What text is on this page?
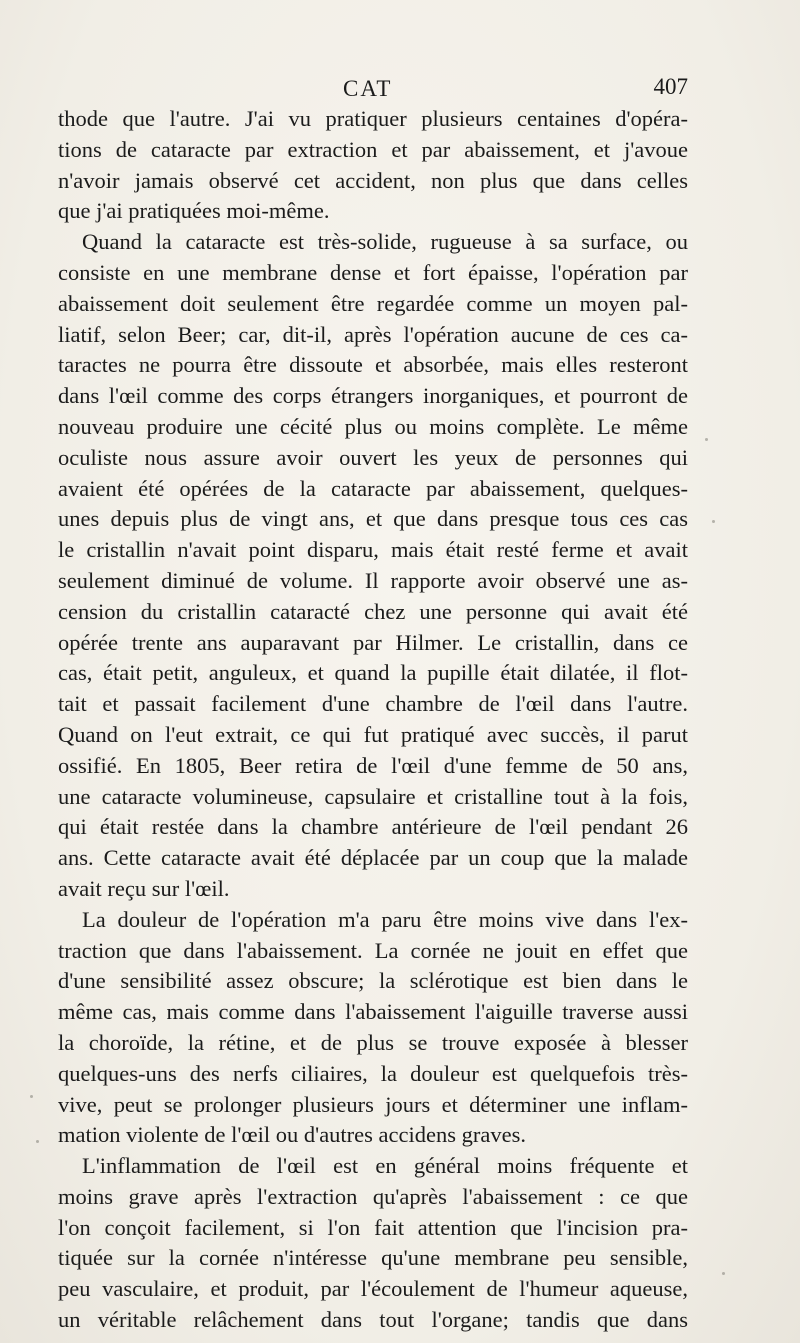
CAT	407
thode que l'autre. J'ai vu pratiquer plusieurs centaines d'opéra-
tions de cataracte par extraction et par abaissement, et j'avoue
n'avoir jamais observé cet accident, non plus que dans celles
que j'ai pratiquées moi-même.
Quand la cataracte est très-solide, rugueuse à sa surface, ou
consiste en une membrane dense et fort épaisse, l'opération par
abaissement doit seulement être regardée comme un moyen pal-
liatif, selon Beer; car, dit-il, après l'opération aucune de ces ca-
taractes ne pourra être dissoute et absorbée, mais elles resteront
dans l'œil comme des corps étrangers inorganiques, et pourront de
nouveau produire une cécité plus ou moins complète. Le même
oculiste nous assure avoir ouvert les yeux de personnes qui
avaient été opérées de la cataracte par abaissement, quelques-
unes depuis plus de vingt ans, et que dans presque tous ces cas
le cristallin n'avait point disparu, mais était resté ferme et avait
seulement diminué de volume. Il rapporte avoir observé une as-
cension du cristallin cataracté chez une personne qui avait été
opérée trente ans auparavant par Hilmer. Le cristallin, dans ce
cas, était petit, anguleux, et quand la pupille était dilatée, il flot-
tait et passait facilement d'une chambre de l'œil dans l'autre.
Quand on l'eut extrait, ce qui fut pratiqué avec succès, il parut
ossifié. En 1805, Beer retira de l'œil d'une femme de 50 ans,
une cataracte volumineuse, capsulaire et cristalline tout à la fois,
qui était restée dans la chambre antérieure de l'œil pendant 26
ans. Cette cataracte avait été déplacée par un coup que la malade
avait reçu sur l'œil.
La douleur de l'opération m'a paru être moins vive dans l'ex-
traction que dans l'abaissement. La cornée ne jouit en effet que
d'une sensibilité assez obscure; la sclérotique est bien dans le
même cas, mais comme dans l'abaissement l'aiguille traverse aussi
la choroïde, la rétine, et de plus se trouve exposée à blesser
quelques-uns des nerfs ciliaires, la douleur est quelquefois très-
vive, peut se prolonger plusieurs jours et déterminer une inflam-
mation violente de l'œil ou d'autres accidens graves.
L'inflammation de l'œil est en général moins fréquente et
moins grave après l'extraction qu'après l'abaissement : ce que
l'on conçoit facilement, si l'on fait attention que l'incision pra-
tiquée sur la cornée n'intéresse qu'une membrane peu sensible,
peu vasculaire, et produit, par l'écoulement de l'humeur aqueuse,
un véritable relâchement dans tout l'organe; tandis que dans
